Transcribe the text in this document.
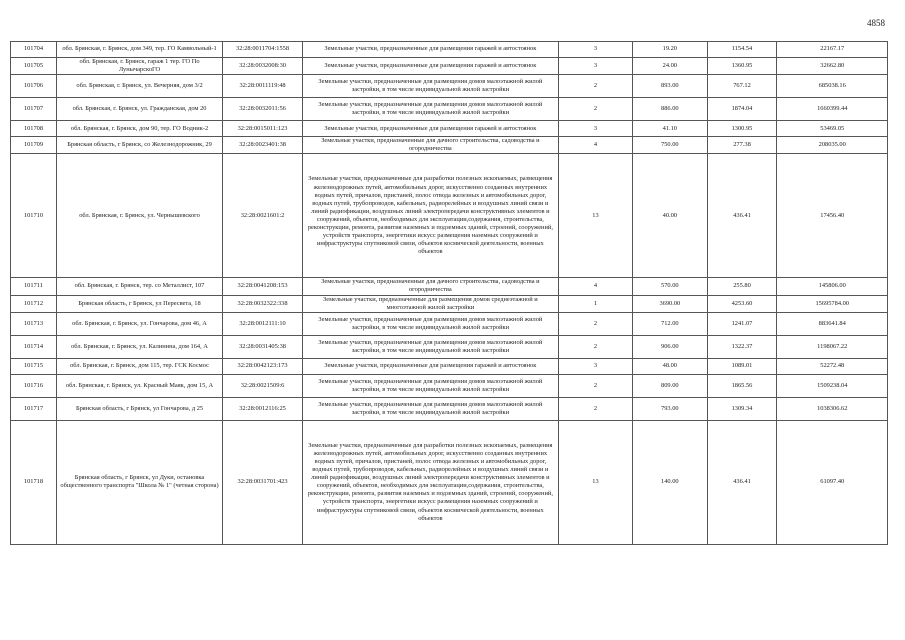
4858
101704	обл. Брянская, г. Брянск, дом 349, тер. ГО Камвольный-1	32:28:0011704:1558	Земельные участки, предназначенные для размещения гаражей и автостоянок	3	19.20	1154.54	22167.17
101705	обл. Брянская, г. Брянск, гараж 1 тер. ГО По ЛунычарскоГО	32:28:0032008:30	Земельные участки, предназначенные для размещения гаражей и автостоянок	3	24.00	1360.95	32662.80
101706	обл. Брянская, г. Брянск, ул. Вечерняя, дом 3/2	32:28:0011119:48	Земельные участки, предназначенные для размещения домов малоэтажной жилой застройки, в том числе индивидуальной жилой застройки	2	893.00	767.12	685038.16
101707	обл. Брянская, г. Брянск, ул. Гражданская, дом 20	32:28:0032011:56	Земельные участки, предназначенные для размещения домов малоэтажной жилой застройки, в том числе индивидуальной жилой застройки	2	886.00	1874.04	1660399.44
101708	обл. Брянская, г. Брянск, дом 90, тер. ГО Водник-2	32:28:0015011:123	Земельные участки, предназначенные для размещения гаражей и автостоянок	3	41.10	1300.95	53469.05
101709	Брянская область, г Брянск, со Железнодорожник, 29	32:28:0023401:38	Земельные участки, предназначенные для дачного строительства, садоводства и огородничества	4	750.00	277.38	208035.00
101710	обл. Брянская, г. Брянск, ул. Чернышевского	32:28:0021601:2	Земельные участки, предназначенные для разработки полезных ископаемых, размещения железнодорожных путей, автомобильных дорог, искусственно созданных внутренних водных путей, причалов, пристаней, полос отвода железных и автомобильных дорог, водных путей, трубопроводов, кабельных, радиорелейных и воздушных линий связи и линий радиофикации, воздушных линий электропередачи конструктивных элементов и сооружений, объектов, необходимых для эксплуатации,содержания, строительства, реконструкции, ремонта, развития наземных и подземных зданий, строений, сооружений, устройств транспорта, энергетики искусс размещения наземных сооружений и инфраструктуры спутниковой связи, объектов космической деятельности, военных объектов	13	40.00	436.41	17456.40
101711	обл. Брянская, г. Брянск, тер. со Металлист, 107	32:28:0041208:153	Земельные участки, предназначенные для дачного строительства, садоводства и огородничества	4	570.00	255.80	145806.00
101712	Брянская область, г Брянск, ул Пересвета, 18	32:28:0032322:338	Земельные участки, предназначенные для размещения домов среднеэтажной и многоэтажной жилой застройки	1	3690.00	4253.60	15695784.00
101713	обл. Брянская, г. Брянск, ул. Гончарова, дом 46, А	32:28:0012111:10	Земельные участки, предназначенные для размещения домов малоэтажной жилой застройки, в том числе индивидуальной жилой застройки	2	712.00	1241.07	883641.84
101714	обл. Брянская, г. Брянск, ул. Калинина, дом 164, А	32:28:0031405:38	Земельные участки, предназначенные для размещения домов малоэтажной жилой застройки, в том числе индивидуальной жилой застройки	2	906.00	1322.37	1198067.22
101715	обл. Брянская, г. Брянск, дом 115, тер. ГСК Космос	32:28:0042123:173	Земельные участки, предназначенные для размещения гаражей и автостоянок	3	48.00	1089.01	52272.48
101716	обл. Брянская, г. Брянск, ул. Красный Маяк, дом 15, А	32:28:0021509:6	Земельные участки, предназначенные для размещения домов малоэтажной жилой застройки, в том числе индивидуальной жилой застройки	2	809.00	1865.56	1509238.04
101717	Брянская область, г Брянск, ул Гончарова, д 25	32:28:0012116:25	Земельные участки, предназначенные для размещения домов малоэтажной жилой застройки, в том числе индивидуальной жилой застройки	2	793.00	1309.34	1038306.62
101718	Брянская область, г Брянск, ул Дуки, остановка общественного транспорта "Школа № 1" (четная сторона)	32:28:0031701:423	Земельные участки, предназначенные для разработки полезных ископаемых, размещения железнодорожных путей, автомобильных дорог, искусственно созданных внутренних водных путей, причалов, пристаней, полос отвода железных и автомобильных дорог, водных путей, трубопроводов, кабельных, радиорелейных и воздушных линий связи и линий радиофикации, воздушных линий электропередачи конструктивных элементов и сооружений, объектов, необходимых для эксплуатации,содержания, строительства, реконструкции, ремонта, развития наземных и подземных зданий, строений, сооружений, устройств транспорта, энергетики искусс размещения наземных сооружений и инфраструктуры спутниковой связи, объектов космической деятельности, военных объектов	13	140.00	436.41	61097.40
